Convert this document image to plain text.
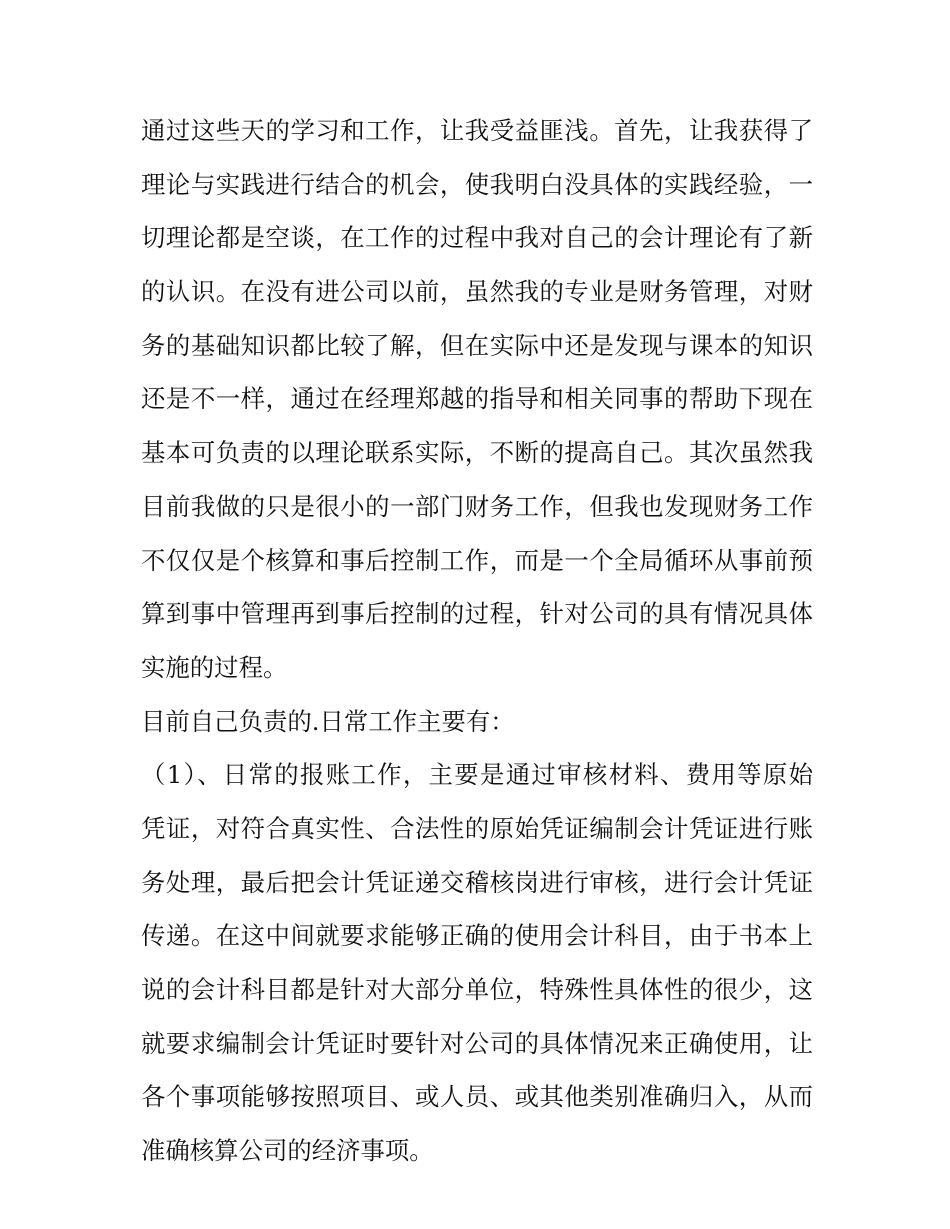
通过这些天的学习和工作，让我受益匪浅。首先，让我获得了
理论与实践进行结合的机会，使我明白没具体的实践经验，一
切理论都是空谈，在工作的过程中我对自己的会计理论有了新
的认识。在没有进公司以前，虽然我的专业是财务管理，对财
务的基础知识都比较了解，但在实际中还是发现与课本的知识
还是不一样，通过在经理郑越的指导和相关同事的帮助下现在
基本可负责的以理论联系实际，不断的提高自己。其次虽然我
目前我做的只是很小的一部门财务工作，但我也发现财务工作
不仅仅是个核算和事后控制工作，而是一个全局循环从事前预
算到事中管理再到事后控制的过程，针对公司的具有情况具体
实施的过程。
目前自己负责的.日常工作主要有：
（1）、日常的报账工作，主要是通过审核材料、费用等原始
凭证，对符合真实性、合法性的原始凭证编制会计凭证进行账
务处理，最后把会计凭证递交稽核岗进行审核，进行会计凭证
传递。在这中间就要求能够正确的使用会计科目，由于书本上
说的会计科目都是针对大部分单位，特殊性具体性的很少，这
就要求编制会计凭证时要针对公司的具体情况来正确使用，让
各个事项能够按照项目、或人员、或其他类别准确归入，从而
准确核算公司的经济事项。
